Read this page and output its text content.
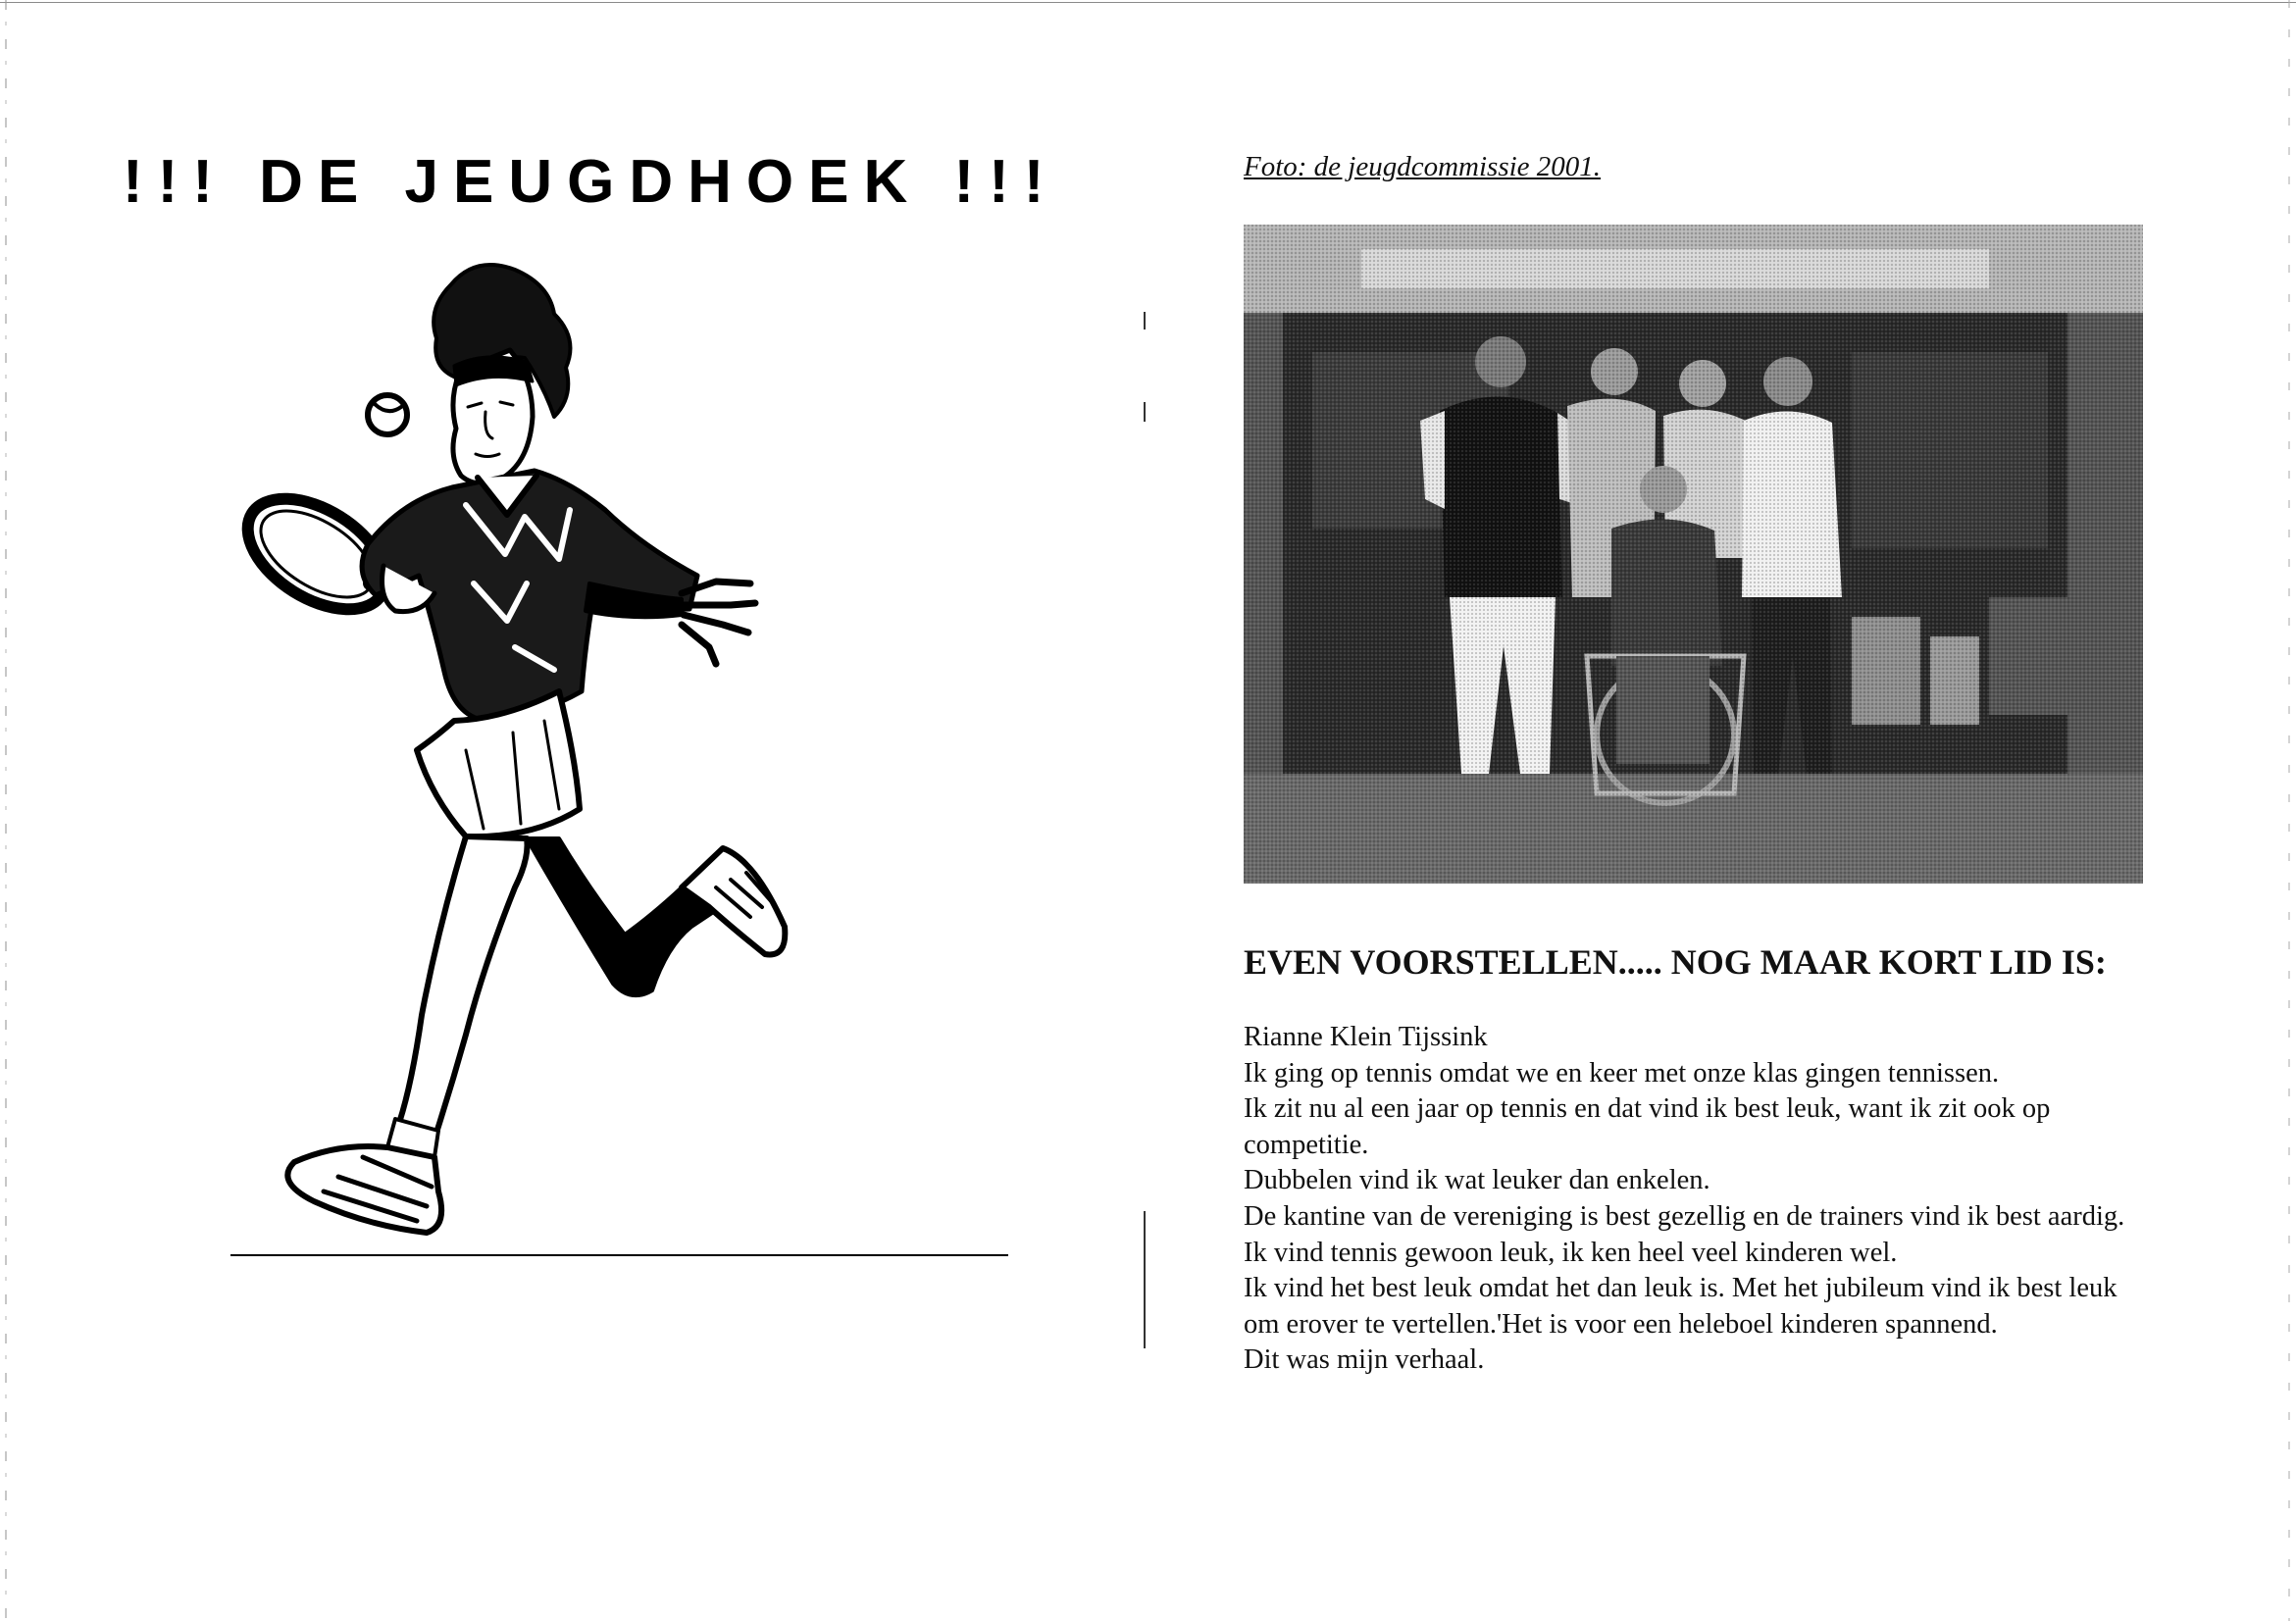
!!! DE JEUGDHOEK !!!	Foto: de jeugdcommissie 2001.
EVEN VOORSTELLEN..... NOG MAAR KORT LID IS:

Rianne Klein Tijssink

Ik ging op tennis omdat we en keer met onze klas gingen tennissen.

Ik zit nu al een jaar op tennis en dat vind ik best leuk, want ik zit ook op

competitie.

Dubbelen vind ik wat leuker dan enkelen.

De kantine van de vereniging is best gezellig en de trainers vind ik best aardig.

Ik vind tennis gewoon leuk, ik ken heel veel kinderen wel.

Ik vind het best leuk omdat het dan leuk is. Met het jubileum vind ik best leuk

om erover te vertellen.'Het is voor een heleboel kinderen spannend.

Dit was mijn verhaal.
